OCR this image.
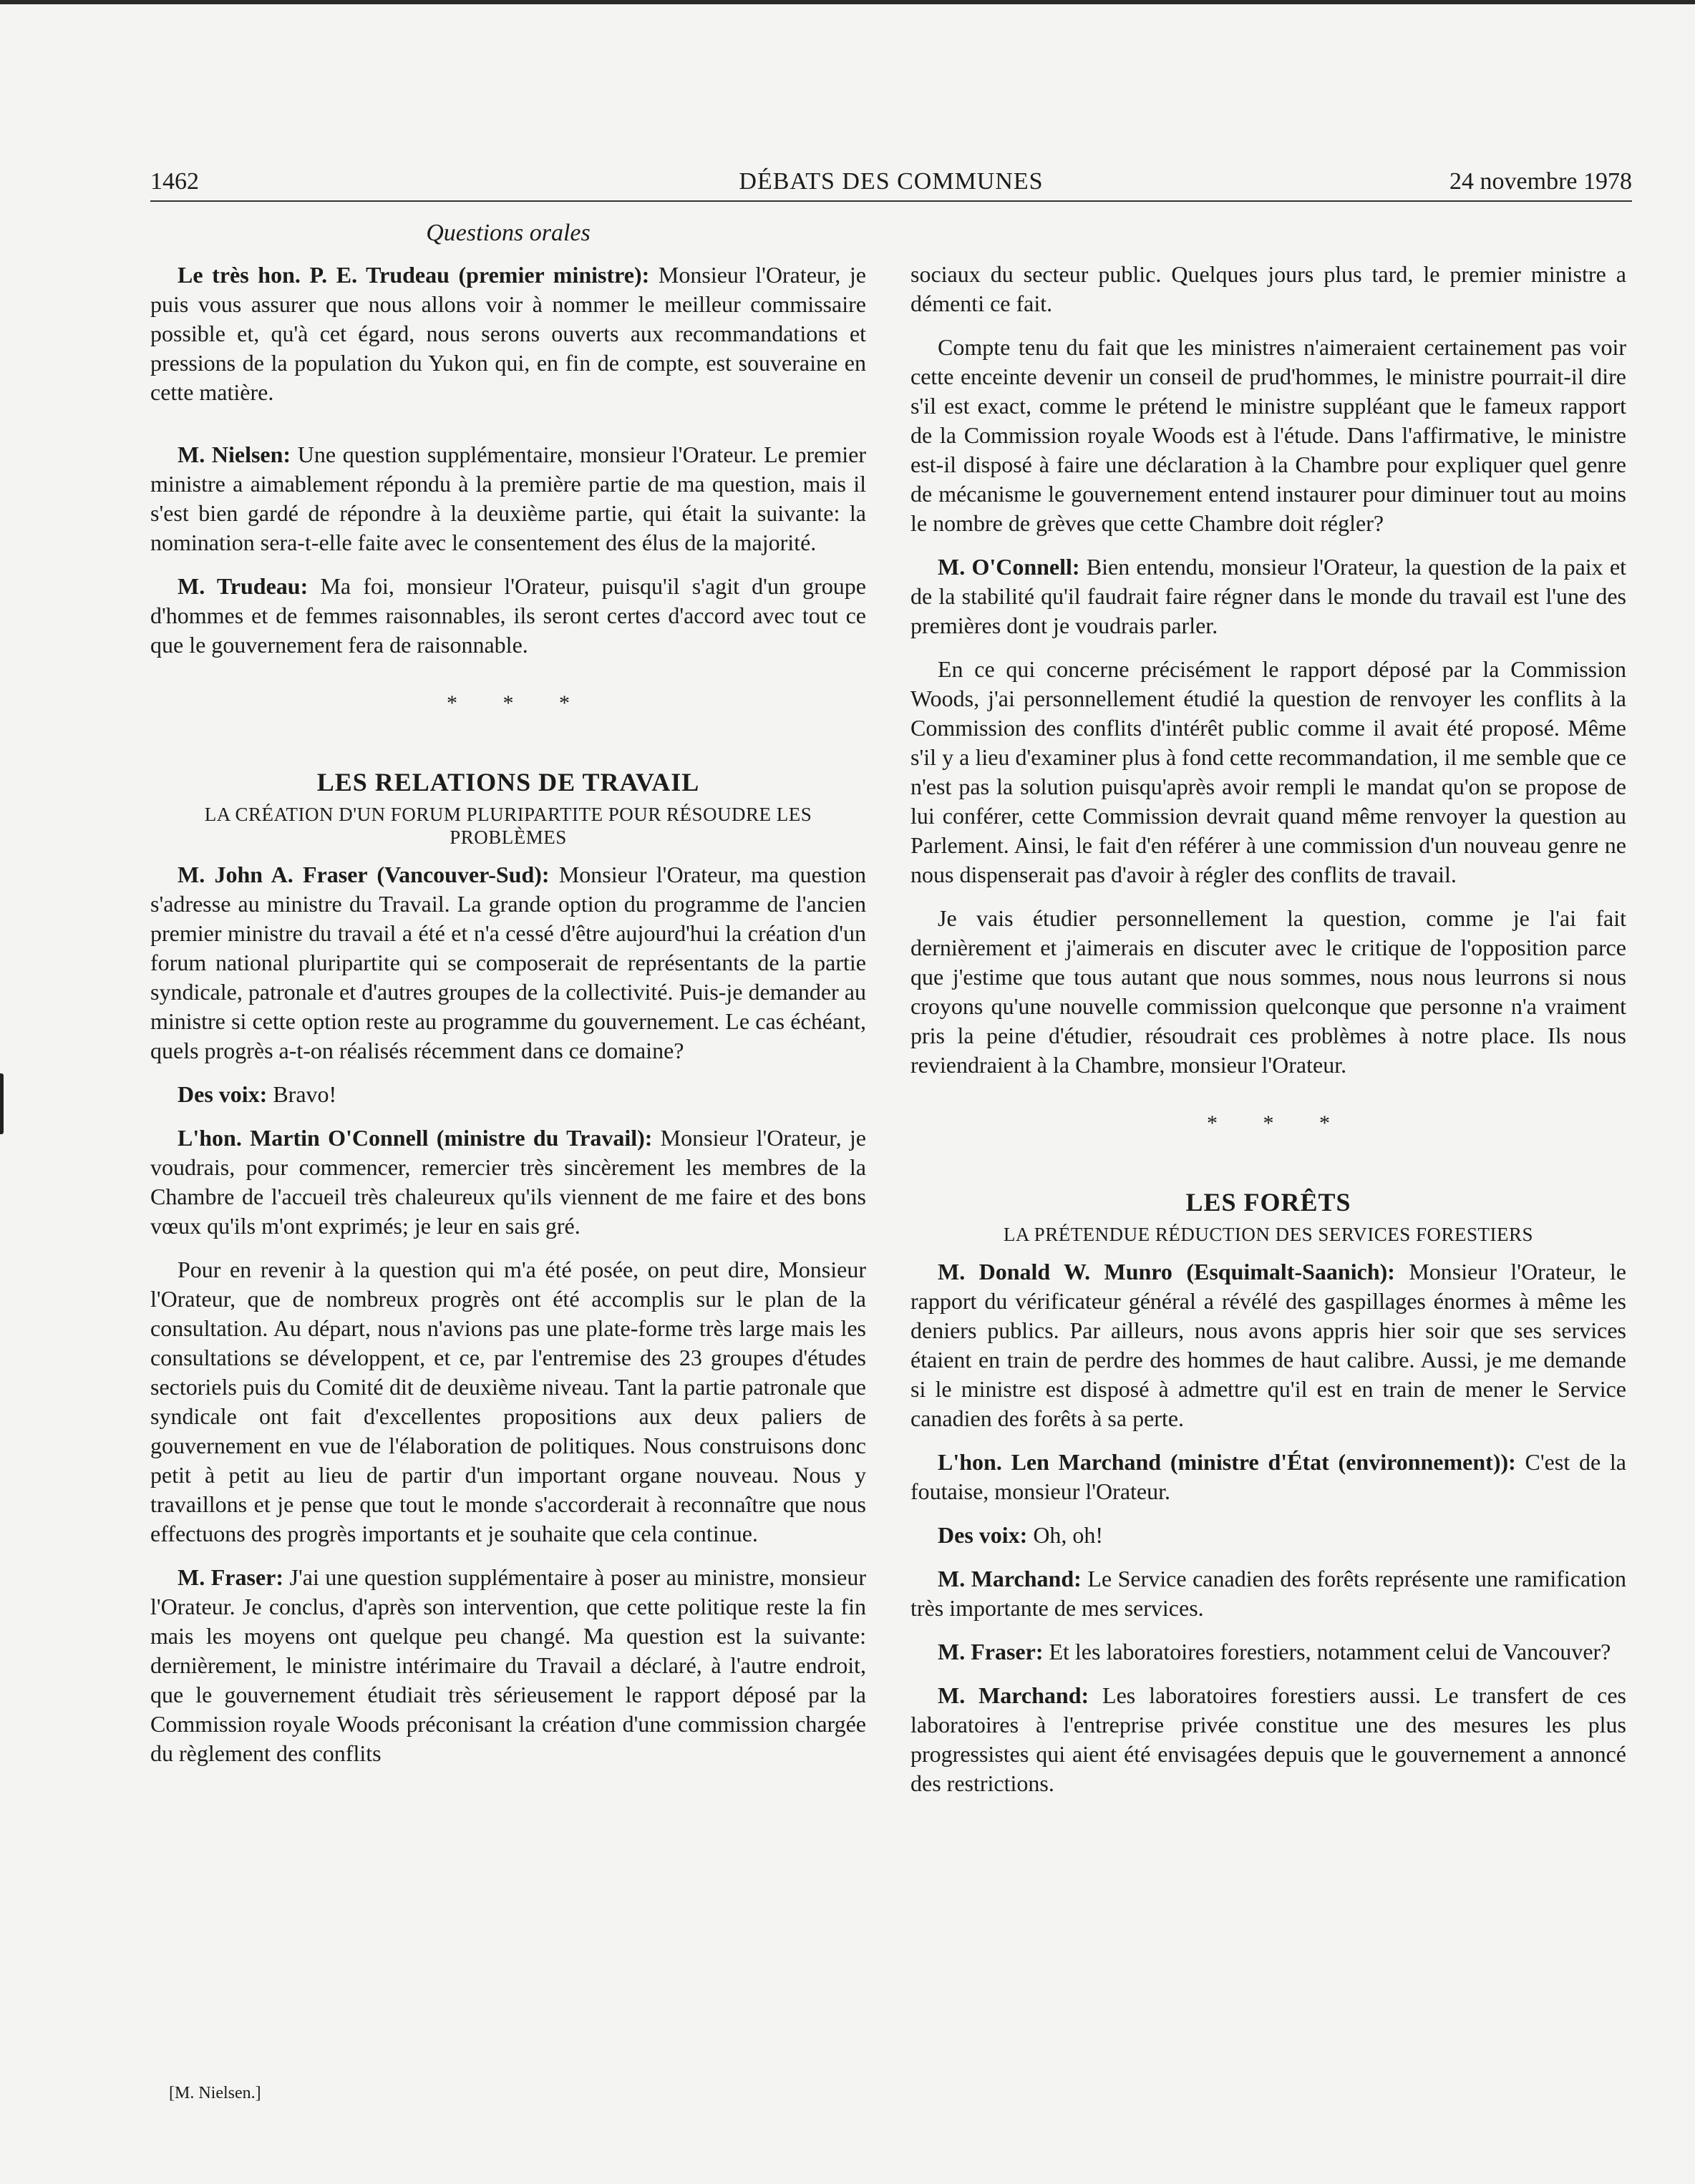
1462	DÉBATS DES COMMUNES	24 novembre 1978
Questions orales

Le très hon. P. E. Trudeau (premier ministre): Monsieur l'Orateur, je puis vous assurer que nous allons voir à nommer le meilleur commissaire possible et, qu'à cet égard, nous serons ouverts aux recommandations et pressions de la population du Yukon qui, en fin de compte, est souveraine en cette matière.

M. Nielsen: Une question supplémentaire, monsieur l'Orateur. Le premier ministre a aimablement répondu à la première partie de ma question, mais il s'est bien gardé de répondre à la deuxième partie, qui était la suivante: la nomination sera-t-elle faite avec le consentement des élus de la majorité.

M. Trudeau: Ma foi, monsieur l'Orateur, puisqu'il s'agit d'un groupe d'hommes et de femmes raisonnables, ils seront certes d'accord avec tout ce que le gouvernement fera de raisonnable.

* * *
LES RELATIONS DE TRAVAIL
LA CRÉATION D'UN FORUM PLURIPARTITE POUR RÉSOUDRE LES PROBLÈMES

M. John A. Fraser (Vancouver-Sud): Monsieur l'Orateur, ma question s'adresse au ministre du Travail. La grande option du programme de l'ancien premier ministre du travail a été et n'a cessé d'être aujourd'hui la création d'un forum national pluripartite qui se composerait de représentants de la partie syndicale, patronale et d'autres groupes de la collectivité. Puis-je demander au ministre si cette option reste au programme du gouvernement. Le cas échéant, quels progrès a-t-on réalisés récemment dans ce domaine?

Des voix: Bravo!

L'hon. Martin O'Connell (ministre du Travail): Monsieur l'Orateur, je voudrais, pour commencer, remercier très sincèrement les membres de la Chambre de l'accueil très chaleureux qu'ils viennent de me faire et des bons vœux qu'ils m'ont exprimés; je leur en sais gré.

Pour en revenir à la question qui m'a été posée, on peut dire, Monsieur l'Orateur, que de nombreux progrès ont été accomplis sur le plan de la consultation. Au départ, nous n'avions pas une plate-forme très large mais les consultations se développent, et ce, par l'entremise des 23 groupes d'études sectoriels puis du Comité dit de deuxième niveau. Tant la partie patronale que syndicale ont fait d'excellentes propositions aux deux paliers de gouvernement en vue de l'élaboration de politiques. Nous construisons donc petit à petit au lieu de partir d'un important organe nouveau. Nous y travaillons et je pense que tout le monde s'accorderait à reconnaître que nous effectuons des progrès importants et je souhaite que cela continue.

M. Fraser: J'ai une question supplémentaire à poser au ministre, monsieur l'Orateur. Je conclus, d'après son intervention, que cette politique reste la fin mais les moyens ont quelque peu changé. Ma question est la suivante: dernièrement, le ministre intérimaire du Travail a déclaré, à l'autre endroit, que le gouvernement étudiait très sérieusement le rapport déposé par la Commission royale Woods préconisant la création d'une commission chargée du règlement des conflits

[M. Nielsen.]

sociaux du secteur public. Quelques jours plus tard, le premier ministre a démenti ce fait.

Compte tenu du fait que les ministres n'aimeraient certainement pas voir cette enceinte devenir un conseil de prud'hommes, le ministre pourrait-il dire s'il est exact, comme le prétend le ministre suppléant que le fameux rapport de la Commission royale Woods est à l'étude. Dans l'affirmative, le ministre est-il disposé à faire une déclaration à la Chambre pour expliquer quel genre de mécanisme le gouvernement entend instaurer pour diminuer tout au moins le nombre de grèves que cette Chambre doit régler?

M. O'Connell: Bien entendu, monsieur l'Orateur, la question de la paix et de la stabilité qu'il faudrait faire régner dans le monde du travail est l'une des premières dont je voudrais parler.

En ce qui concerne précisément le rapport déposé par la Commission Woods, j'ai personnellement étudié la question de renvoyer les conflits à la Commission des conflits d'intérêt public comme il avait été proposé. Même s'il y a lieu d'examiner plus à fond cette recommandation, il me semble que ce n'est pas la solution puisqu'après avoir rempli le mandat qu'on se propose de lui conférer, cette Commission devrait quand même renvoyer la question au Parlement. Ainsi, le fait d'en référer à une commission d'un nouveau genre ne nous dispenserait pas d'avoir à régler des conflits de travail.

Je vais étudier personnellement la question, comme je l'ai fait dernièrement et j'aimerais en discuter avec le critique de l'opposition parce que j'estime que tous autant que nous sommes, nous nous leurrons si nous croyons qu'une nouvelle commission quelconque que personne n'a vraiment pris la peine d'étudier, résoudrait ces problèmes à notre place. Ils nous reviendraient à la Chambre, monsieur l'Orateur.

* * *
LES FORÊTS
LA PRÉTENDUE RÉDUCTION DES SERVICES FORESTIERS

M. Donald W. Munro (Esquimalt-Saanich): Monsieur l'Orateur, le rapport du vérificateur général a révélé des gaspillages énormes à même les deniers publics. Par ailleurs, nous avons appris hier soir que ses services étaient en train de perdre des hommes de haut calibre. Aussi, je me demande si le ministre est disposé à admettre qu'il est en train de mener le Service canadien des forêts à sa perte.

L'hon. Len Marchand (ministre d'État (environnement)): C'est de la foutaise, monsieur l'Orateur.

Des voix: Oh, oh!

M. Marchand: Le Service canadien des forêts représente une ramification très importante de mes services.

M. Fraser: Et les laboratoires forestiers, notamment celui de Vancouver?

M. Marchand: Les laboratoires forestiers aussi. Le transfert de ces laboratoires à l'entreprise privée constitue une des mesures les plus progressistes qui aient été envisagées depuis que le gouvernement a annoncé des restrictions.
